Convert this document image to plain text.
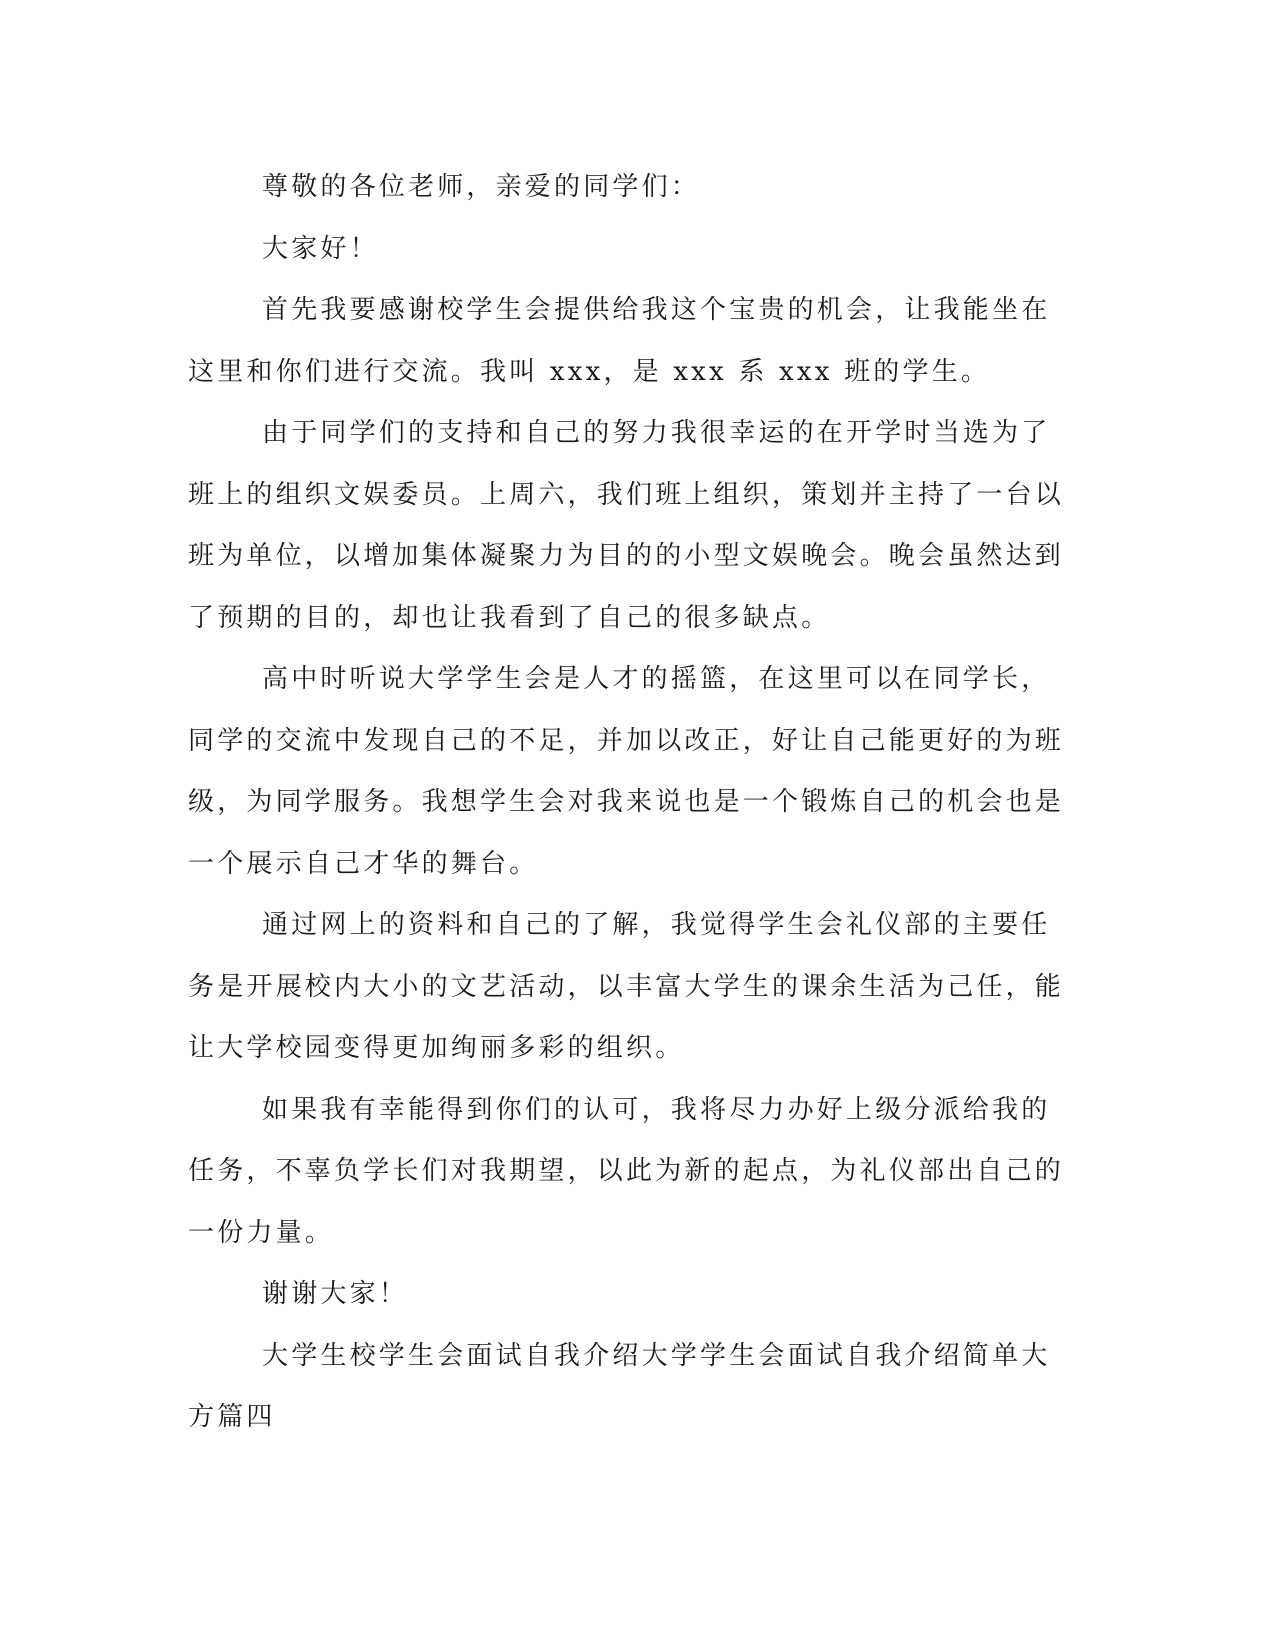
尊敬的各位老师，亲爱的同学们：

大家好！

首先我要感谢校学生会提供给我这个宝贵的机会，让我能坐在这里和你们进行交流。我叫 xxx，是 xxx 系 xxx 班的学生。

由于同学们的支持和自己的努力我很幸运的在开学时当选为了班上的组织文娱委员。上周六，我们班上组织，策划并主持了一台以班为单位，以增加集体凝聚力为目的的小型文娱晚会。晚会虽然达到了预期的目的，却也让我看到了自己的很多缺点。

高中时听说大学学生会是人才的摇篮，在这里可以在同学长，同学的交流中发现自己的不足，并加以改正，好让自己能更好的为班级，为同学服务。我想学生会对我来说也是一个锻炼自己的机会也是一个展示自己才华的舞台。

通过网上的资料和自己的了解，我觉得学生会礼仪部的主要任务是开展校内大小的文艺活动，以丰富大学生的课余生活为己任，能让大学校园变得更加绚丽多彩的组织。

如果我有幸能得到你们的认可，我将尽力办好上级分派给我的任务，不辜负学长们对我期望，以此为新的起点，为礼仪部出自己的一份力量。

谢谢大家！

大学生校学生会面试自我介绍大学学生会面试自我介绍简单大方篇四
